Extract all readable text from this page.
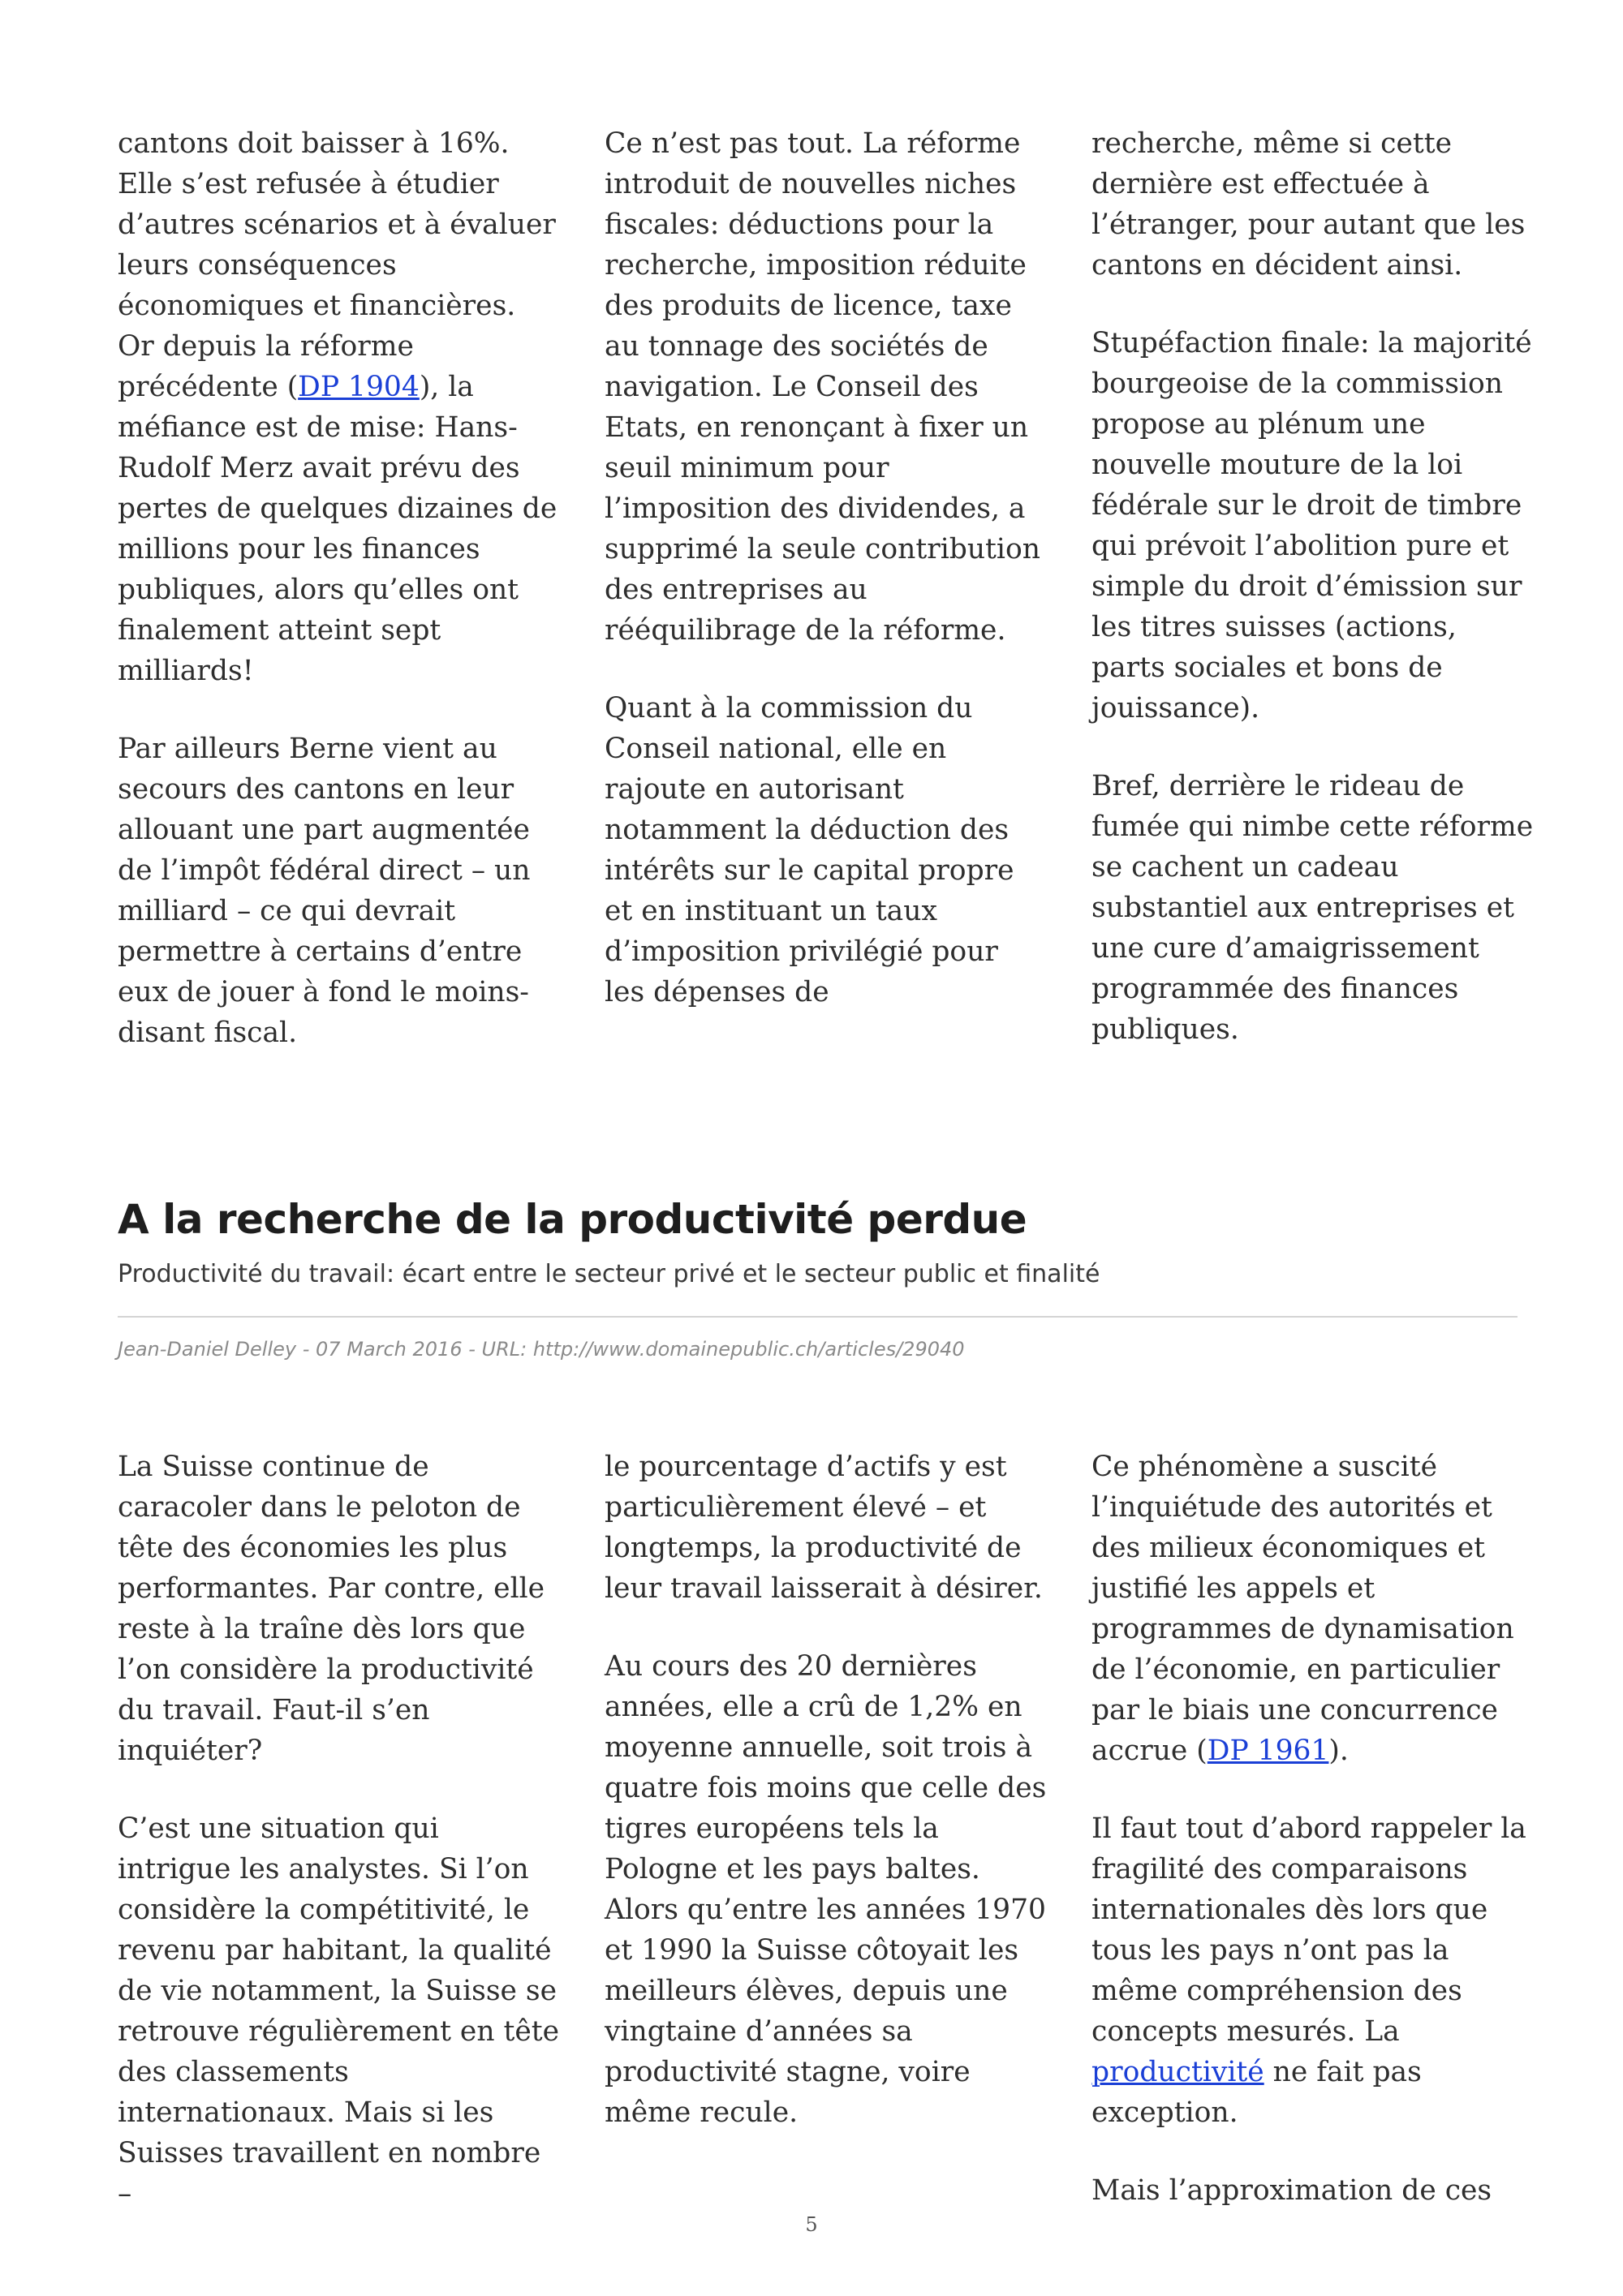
cantons doit baisser à 16%. Elle s’est refusée à étudier d’autres scénarios et à évaluer leurs conséquences économiques et financières. Or depuis la réforme précédente (DP 1904), la méfiance est de mise: Hans-Rudolf Merz avait prévu des pertes de quelques dizaines de millions pour les finances publiques, alors qu’elles ont finalement atteint sept milliards!

Par ailleurs Berne vient au secours des cantons en leur allouant une part augmentée de l’impôt fédéral direct – un milliard – ce qui devrait permettre à certains d’entre eux de jouer à fond le moins-disant fiscal.

Ce n’est pas tout. La réforme introduit de nouvelles niches fiscales: déductions pour la recherche, imposition réduite des produits de licence, taxe au tonnage des sociétés de navigation. Le Conseil des Etats, en renonçant à fixer un seuil minimum pour l’imposition des dividendes, a supprimé la seule contribution des entreprises au rééquilibrage de la réforme.

Quant à la commission du Conseil national, elle en rajoute en autorisant notamment la déduction des intérêts sur le capital propre et en instituant un taux d’imposition privilégié pour les dépenses de

recherche, même si cette dernière est effectuée à l’étranger, pour autant que les cantons en décident ainsi.

Stupéfaction finale: la majorité bourgeoise de la commission propose au plénum une nouvelle mouture de la loi fédérale sur le droit de timbre qui prévoit l’abolition pure et simple du droit d’émission sur les titres suisses (actions, parts sociales et bons de jouissance).

Bref, derrière le rideau de fumée qui nimbe cette réforme se cachent un cadeau substantiel aux entreprises et une cure d’amaigrissement programmée des finances publiques.

A la recherche de la productivité perdue
Productivité du travail: écart entre le secteur privé et le secteur public et finalité
Jean-Daniel Delley - 07 March 2016 - URL: http://www.domainepublic.ch/articles/29040

La Suisse continue de caracoler dans le peloton de tête des économies les plus performantes. Par contre, elle reste à la traîne dès lors que l’on considère la productivité du travail. Faut-il s’en inquiéter?

C’est une situation qui intrigue les analystes. Si l’on considère la compétitivité, le revenu par habitant, la qualité de vie notamment, la Suisse se retrouve régulièrement en tête des classements internationaux. Mais si les Suisses travaillent en nombre –

le pourcentage d’actifs y est particulièrement élevé – et longtemps, la productivité de leur travail laisserait à désirer.

Au cours des 20 dernières années, elle a crû de 1,2% en moyenne annuelle, soit trois à quatre fois moins que celle des tigres européens tels la Pologne et les pays baltes. Alors qu’entre les années 1970 et 1990 la Suisse côtoyait les meilleurs élèves, depuis une vingtaine d’années sa productivité stagne, voire même recule.

Ce phénomène a suscité l’inquiétude des autorités et des milieux économiques et justifié les appels et programmes de dynamisation de l’économie, en particulier par le biais une concurrence accrue (DP 1961).

Il faut tout d’abord rappeler la fragilité des comparaisons internationales dès lors que tous les pays n’ont pas la même compréhension des concepts mesurés. La productivité ne fait pas exception.

Mais l’approximation de ces

5
